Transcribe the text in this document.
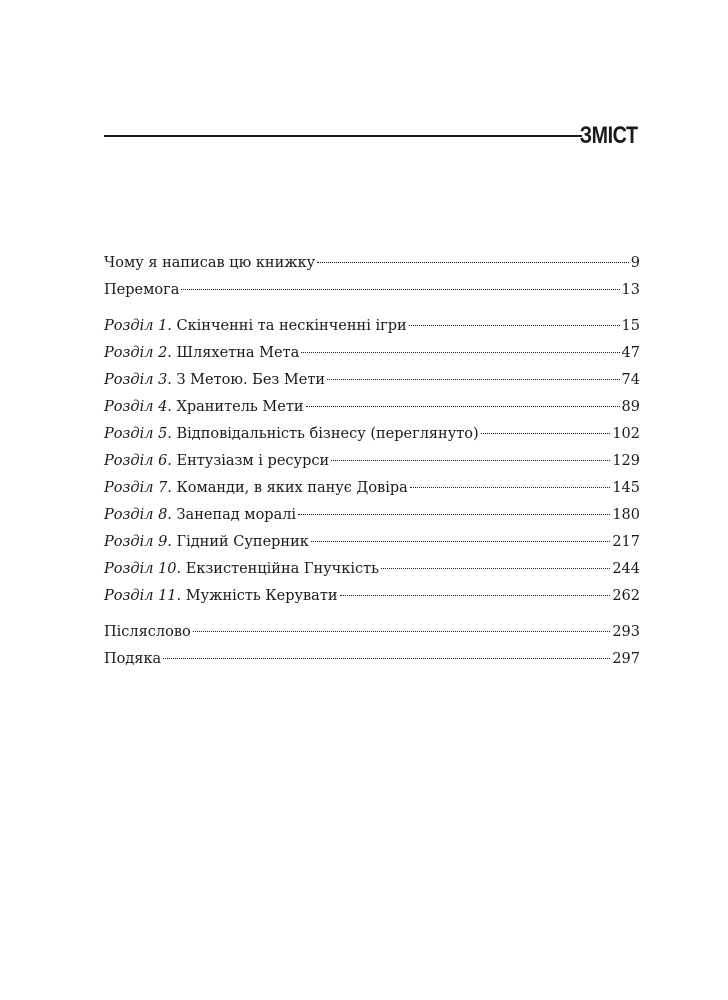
ЗМІСТ
Чому я написав цю книжку	9
Перемога	13
Розділ 1. Скінченні та нескінченні ігри	15
Розділ 2. Шляхетна Мета	47
Розділ 3. З Метою. Без Мети	74
Розділ 4. Хранитель Мети	89
Розділ 5. Відповідальність бізнесу (переглянуто)	102
Розділ 6. Ентузіазм і ресурси	129
Розділ 7. Команди, в яких панує Довіра	145
Розділ 8. Занепад моралі	180
Розділ 9. Гідний Суперник	217
Розділ 10. Екзистенційна Гнучкість	244
Розділ 11. Мужність Керувати	262
Післяслово	293
Подяка	297
